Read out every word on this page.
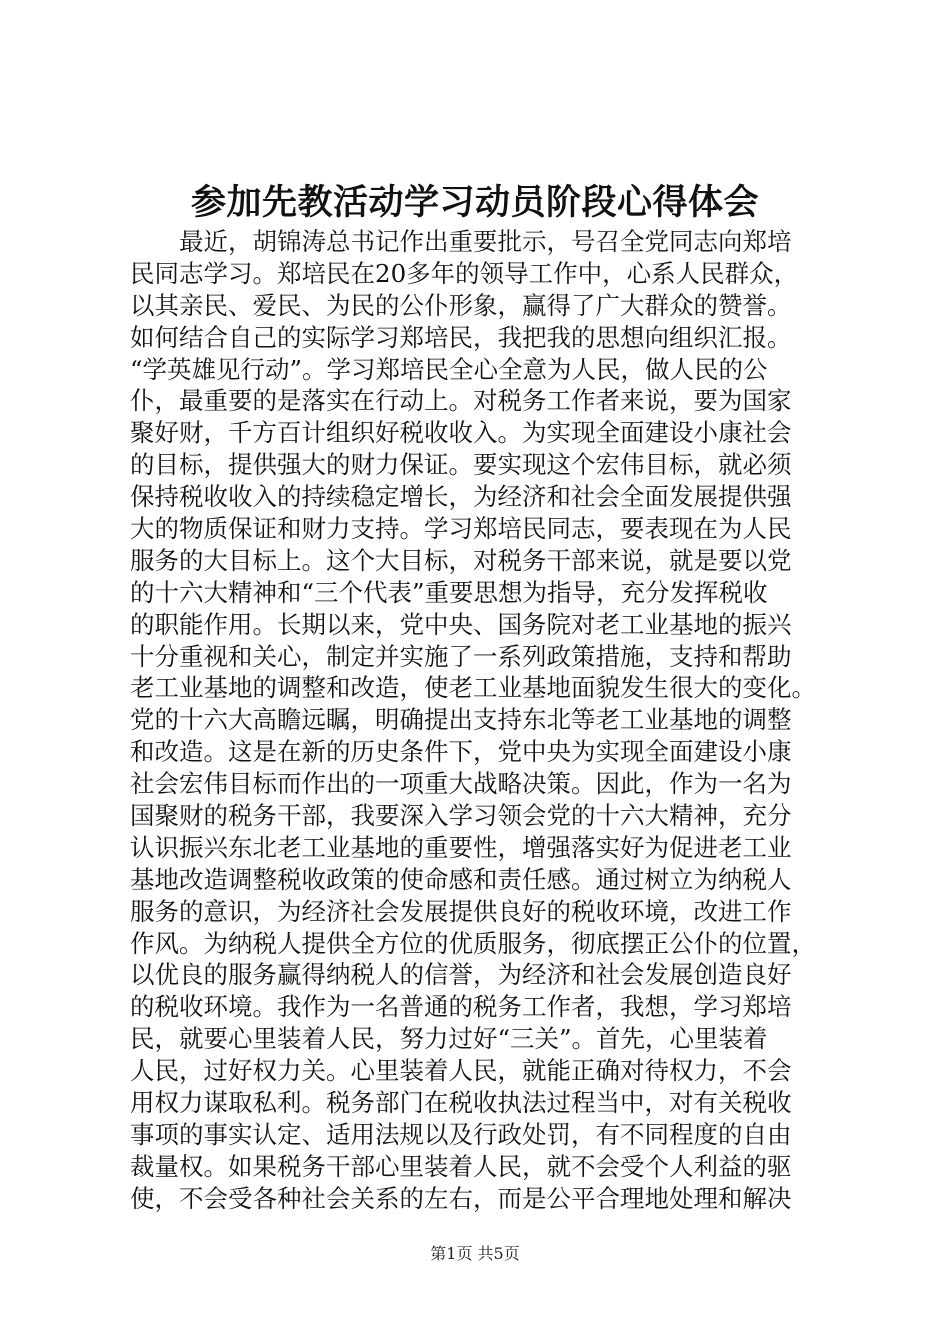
参加先教活动学习动员阶段心得体会
最近，胡锦涛总书记作出重要批示，号召全党同志向郑培
民同志学习。郑培民在20多年的领导工作中，心系人民群众，
以其亲民、爱民、为民的公仆形象，赢得了广大群众的赞誉。
如何结合自己的实际学习郑培民，我把我的思想向组织汇报。
“学英雄见行动”。学习郑培民全心全意为人民，做人民的公
仆，最重要的是落实在行动上。对税务工作者来说，要为国家
聚好财，千方百计组织好税收收入。为实现全面建设小康社会
的目标，提供强大的财力保证。要实现这个宏伟目标，就必须
保持税收收入的持续稳定增长，为经济和社会全面发展提供强
大的物质保证和财力支持。学习郑培民同志，要表现在为人民
服务的大目标上。这个大目标，对税务干部来说，就是要以党
的十六大精神和“三个代表”重要思想为指导，充分发挥税收
的职能作用。长期以来，党中央、国务院对老工业基地的振兴
十分重视和关心，制定并实施了一系列政策措施，支持和帮助
老工业基地的调整和改造，使老工业基地面貌发生很大的变化。
党的十六大高瞻远瞩，明确提出支持东北等老工业基地的调整
和改造。这是在新的历史条件下，党中央为实现全面建设小康
社会宏伟目标而作出的一项重大战略决策。因此，作为一名为
国聚财的税务干部，我要深入学习领会党的十六大精神，充分
认识振兴东北老工业基地的重要性，增强落实好为促进老工业
基地改造调整税收政策的使命感和责任感。通过树立为纳税人
服务的意识，为经济社会发展提供良好的税收环境，改进工作
作风。为纳税人提供全方位的优质服务，彻底摆正公仆的位置，
以优良的服务赢得纳税人的信誉，为经济和社会发展创造良好
的税收环境。我作为一名普通的税务工作者，我想，学习郑培
民，就要心里装着人民，努力过好“三关”。首先，心里装着
人民，过好权力关。心里装着人民，就能正确对待权力，不会
用权力谋取私利。税务部门在税收执法过程当中，对有关税收
事项的事实认定、适用法规以及行政处罚，有不同程度的自由
裁量权。如果税务干部心里装着人民，就不会受个人利益的驱
使，不会受各种社会关系的左右，而是公平合理地处理和解决
第1页 共5页
